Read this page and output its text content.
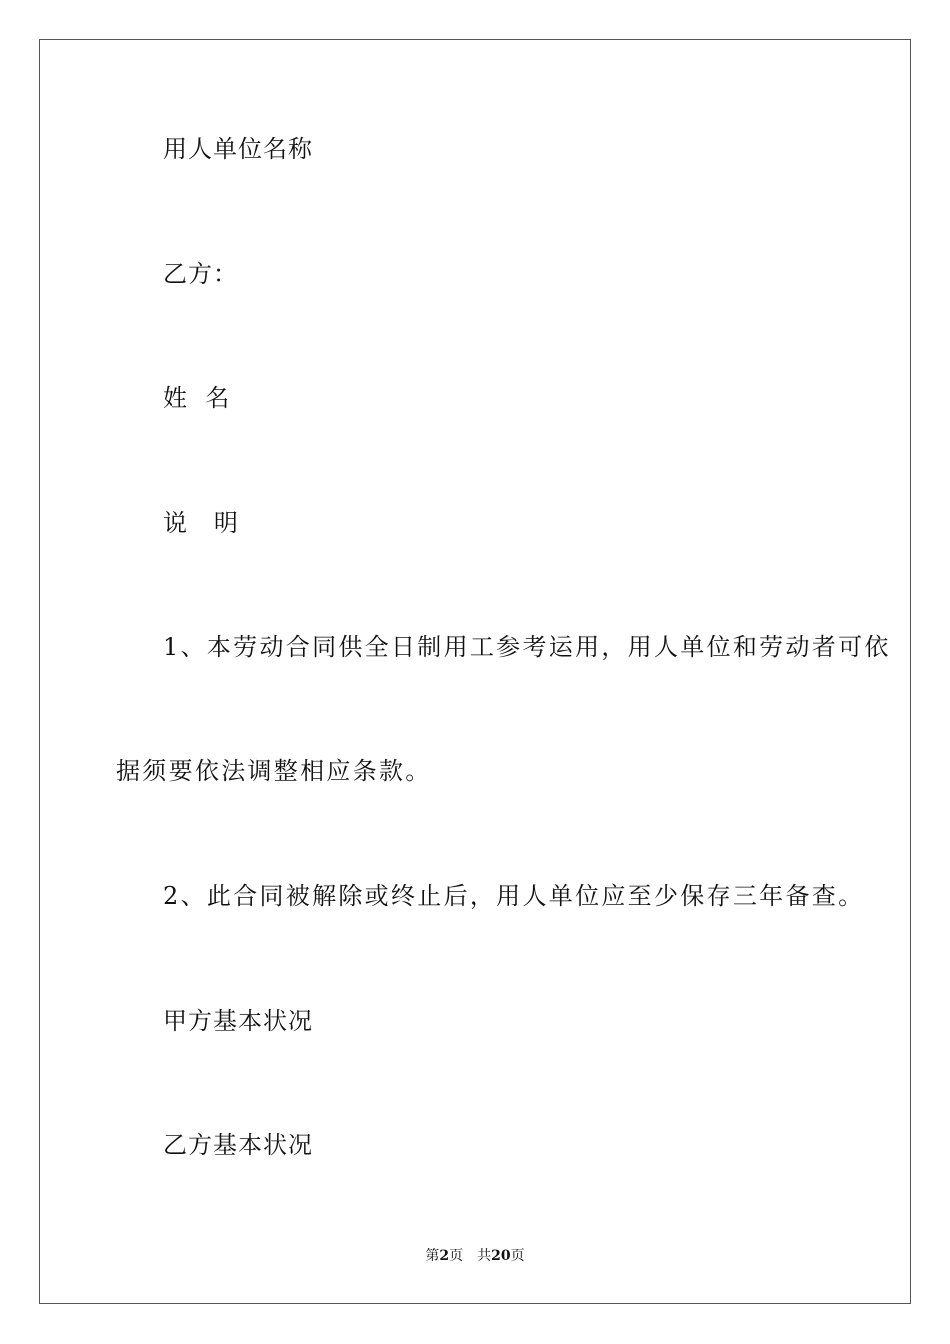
用人单位名称
乙方：
姓  名
说   明
1、本劳动合同供全日制用工参考运用，用人单位和劳动者可依
据须要依法调整相应条款。
2、此合同被解除或终止后，用人单位应至少保存三年备查。
甲方基本状况
乙方基本状况
第2页 共20页
